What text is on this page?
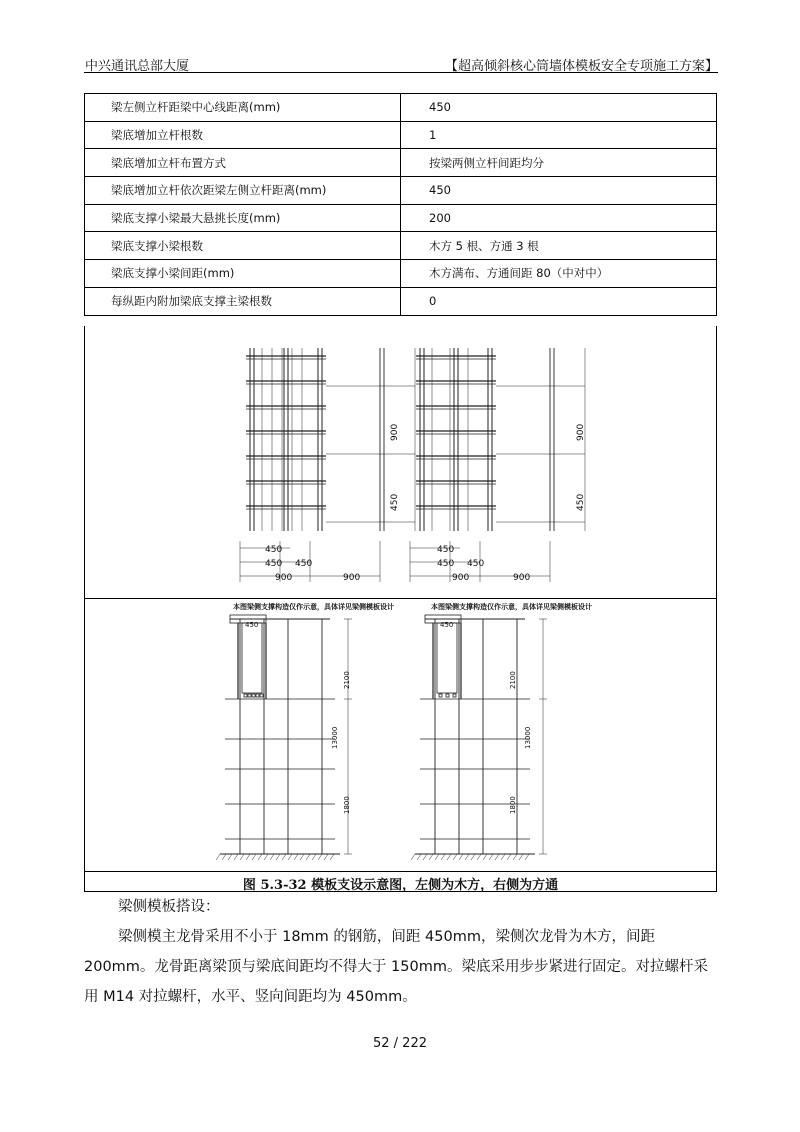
中兴通讯总部大厦	【超高倾斜核心筒墙体模板安全专项施工方案】
梁左侧立杆距梁中心线距离(mm)	450
梁底增加立杆根数	1
梁底增加立杆布置方式	按梁两侧立杆间距均分
梁底增加立杆依次距梁左侧立杆距离(mm)	450
梁底支撑小梁最大悬挑长度(mm)	200
梁底支撑小梁根数	木方 5 根、方通 3 根
梁底支撑小梁间距(mm)	木方满布、方通间距 80（中对中）
每纵距内附加梁底支撑主梁根数	0
450
450 450
900	900
450
450 450
900	900
900
450
900
450
本图梁侧支撑构造仅作示意，具体详见梁侧模板设计	本图梁侧支撑构造仅作示意，具体详见梁侧模板设计
450	450
2100
13000
1800
2100
13000
1800
图 5.3-32 模板支设示意图，左侧为木方，右侧为方通
梁侧模板搭设：
梁侧模主龙骨采用不小于 18mm 的钢筋，间距 450mm，梁侧次龙骨为木方，间距 200mm。龙骨距离梁顶与梁底间距均不得大于 150mm。梁底采用步步紧进行固定。对拉螺杆采用 M14 对拉螺杆，水平、竖向间距均为 450mm。
52 / 222
